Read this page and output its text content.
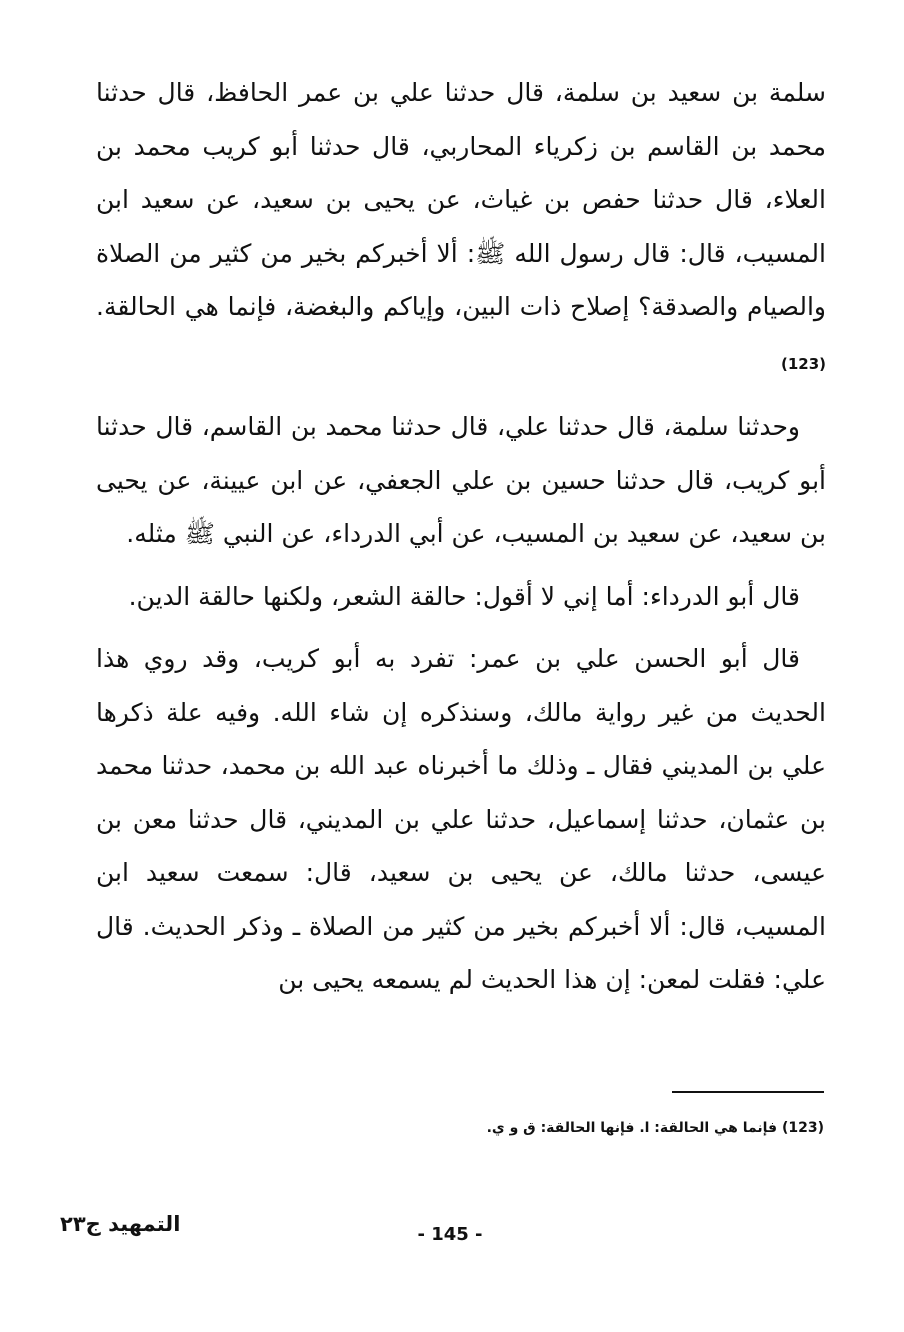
سلمة بن سعيد بن سلمة، قال حدثنا علي بن عمر الحافظ، قال حدثنا محمد بن القاسم بن زكرياء المحاربي، قال حدثنا أبو كريب محمد بن العلاء، قال حدثنا حفص بن غياث، عن يحيى بن سعيد، عن سعيد ابن المسيب، قال: قال رسول الله ﷺ: ألا أخبركم بخير من كثير من الصلاة والصيام والصدقة؟ إصلاح ذات البين، وإياكم والبغضة، فإنما هي الحالقة.(123)

وحدثنا سلمة، قال حدثنا علي، قال حدثنا محمد بن القاسم، قال حدثنا أبو كريب، قال حدثنا حسين بن علي الجعفي، عن ابن عيينة، عن يحيى بن سعيد، عن سعيد بن المسيب، عن أبي الدرداء، عن النبي ﷺ مثله.

قال أبو الدرداء: أما إني لا أقول: حالقة الشعر، ولكنها حالقة الدين.

قال أبو الحسن علي بن عمر: تفرد به أبو كريب، وقد روي هذا الحديث من غير رواية مالك، وسنذكره إن شاء الله. وفيه علة ذكرها علي بن المديني فقال ـ وذلك ما أخبرناه عبد الله بن محمد، حدثنا محمد بن عثمان، حدثنا إسماعيل، حدثنا علي بن المديني، قال حدثنا معن بن عيسى، حدثنا مالك، عن يحيى بن سعيد، قال: سمعت سعيد ابن المسيب، قال: ألا أخبركم بخير من كثير من الصلاة ـ وذكر الحديث. قال علي: فقلت لمعن: إن هذا الحديث لم يسمعه يحيى بن

(123) فإنما هي الحالقة: ا. فإنها الحالقة: ق و ي.
- 145 -
التمهيد ج٢٣
